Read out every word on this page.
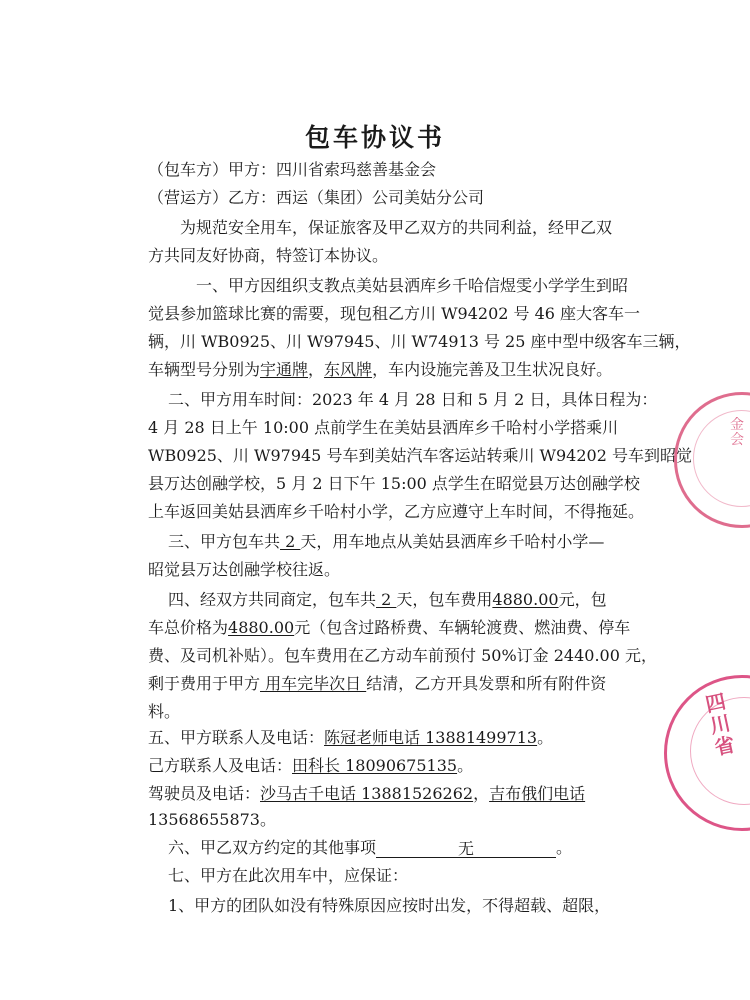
包车协议书
（包车方）甲方：四川省索玛慈善基金会
（营运方）乙方：西运（集团）公司美姑分公司
为规范安全用车，保证旅客及甲乙双方的共同利益，经甲乙双
方共同友好协商，特签订本协议。
一、甲方因组织支教点美姑县洒库乡千哈信煜雯小学学生到昭
觉县参加篮球比赛的需要，现包租乙方川 W94202 号 46 座大客车一
辆，川 WB0925、川 W97945、川 W74913 号 25 座中型中级客车三辆，
车辆型号分别为宇通牌，东风牌，车内设施完善及卫生状况良好。
二、甲方用车时间：2023 年 4 月 28 日和 5 月 2 日，具体日程为：
4 月 28 日上午 10:00 点前学生在美姑县洒库乡千哈村小学搭乘川
WB0925、川 W97945 号车到美姑汽车客运站转乘川 W94202 号车到昭觉
县万达创融学校，5 月 2 日下午 15:00 点学生在昭觉县万达创融学校
上车返回美姑县洒库乡千哈村小学，乙方应遵守上车时间，不得拖延。
三、甲方包车共 2 天，用车地点从美姑县洒库乡千哈村小学—
昭觉县万达创融学校往返。
四、经双方共同商定，包车共 2 天，包车费用4880.00元，包
车总价格为4880.00元（包含过路桥费、车辆轮渡费、燃油费、停车
费、及司机补贴）。包车费用在乙方动车前预付 50%订金 2440.00 元，
剩于费用于甲方 用车完毕次日 结清，乙方开具发票和所有附件资
料。
五、甲方联系人及电话：陈冠老师电话 13881499713。
己方联系人及电话：田科长 18090675135。
驾驶员及电话：沙马古千电话 13881526262，吉布俄们电话
13568655873。
六、甲乙双方约定的其他事项	无	。
七、甲方在此次用车中，应保证：
1、甲方的团队如没有特殊原因应按时出发，不得超载、超限，
金会
四川省
